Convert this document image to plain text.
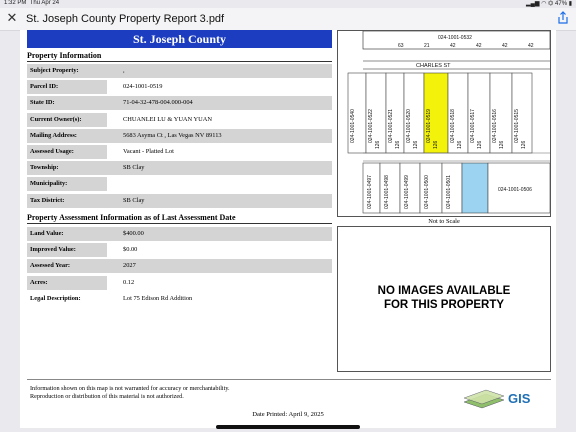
1:32 PM Thu Apr 24	▂▄▆ ◠ ⏣ 47% ▮
✕ St. Joseph County Property Report 3.pdf
St. Joseph County
Property Information
Subject Property:	,
Parcel ID:	024-1001-0519
State ID:	71-04-32-478-004.000-004
Current Owner(s):	CHUANLEI LU & YUAN YUAN
Mailing Address:	5683 Asyma Ct , Las Vegas NV 89113
Assessed Usage:	Vacant - Platted Lot
Township:	SB Clay
Municipality:
Tax District:	SB Clay
Property Assessment Information as of Last Assessment Date
Land Value:	$400.00
Improved Value:	$0.00
Assessed Year:	2027
Acres:	0.12
Legal Description:	Lot 75 Edison Rd Addition
024-1001-0532
63	21	42	42	42	42
CHARLES ST
024-1001-0540 024-1001-0522
126
024-1001-0521
126
024-1001-0520
126
024-1001-0519
126
024-1001-0518
126
024-1001-0517
126
024-1001-0516
126
024-1001-0515
126
024-1001-0497 024-1001-0498	024-1001-0499	024-1001-0500	024-1001-0501	024-1001-0506
Not to Scale
NO IMAGES AVAILABLE
FOR THIS PROPERTY
Information shown on this map is not warranted for accuracy or merchantability. Reproduction or distribution of this material is not authorized.	GIS
Date Printed: April 9, 2025
